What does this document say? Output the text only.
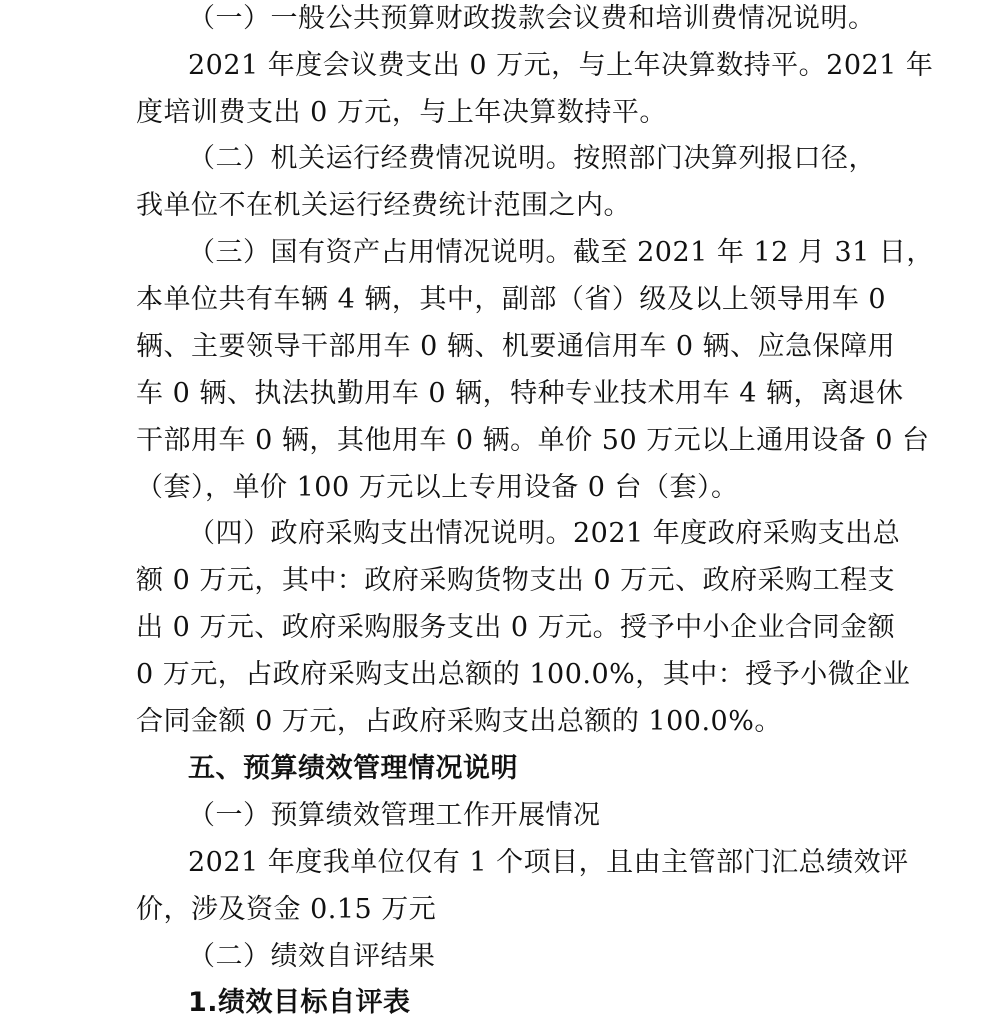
（一）一般公共预算财政拨款会议费和培训费情况说明。
2021 年度会议费支出 0 万元，与上年决算数持平。2021 年
度培训费支出 0 万元，与上年决算数持平。
（二）机关运行经费情况说明。按照部门决算列报口径，
我单位不在机关运行经费统计范围之内。
（三）国有资产占用情况说明。截至 2021 年 12 月 31 日，
本单位共有车辆 4 辆，其中，副部（省）级及以上领导用车 0
辆、主要领导干部用车 0 辆、机要通信用车 0 辆、应急保障用
车 0 辆、执法执勤用车 0 辆，特种专业技术用车 4 辆，离退休
干部用车 0 辆，其他用车 0 辆。单价 50 万元以上通用设备 0 台
（套），单价 100 万元以上专用设备 0 台（套）。
（四）政府采购支出情况说明。2021 年度政府采购支出总
额 0 万元，其中：政府采购货物支出 0 万元、政府采购工程支
出 0 万元、政府采购服务支出 0 万元。授予中小企业合同金额
0 万元，占政府采购支出总额的 100.0%，其中：授予小微企业
合同金额 0 万元，占政府采购支出总额的 100.0%。
五、预算绩效管理情况说明
（一）预算绩效管理工作开展情况
2021 年度我单位仅有 1 个项目，且由主管部门汇总绩效评
价，涉及资金 0.15 万元
（二）绩效自评结果
1.绩效目标自评表
